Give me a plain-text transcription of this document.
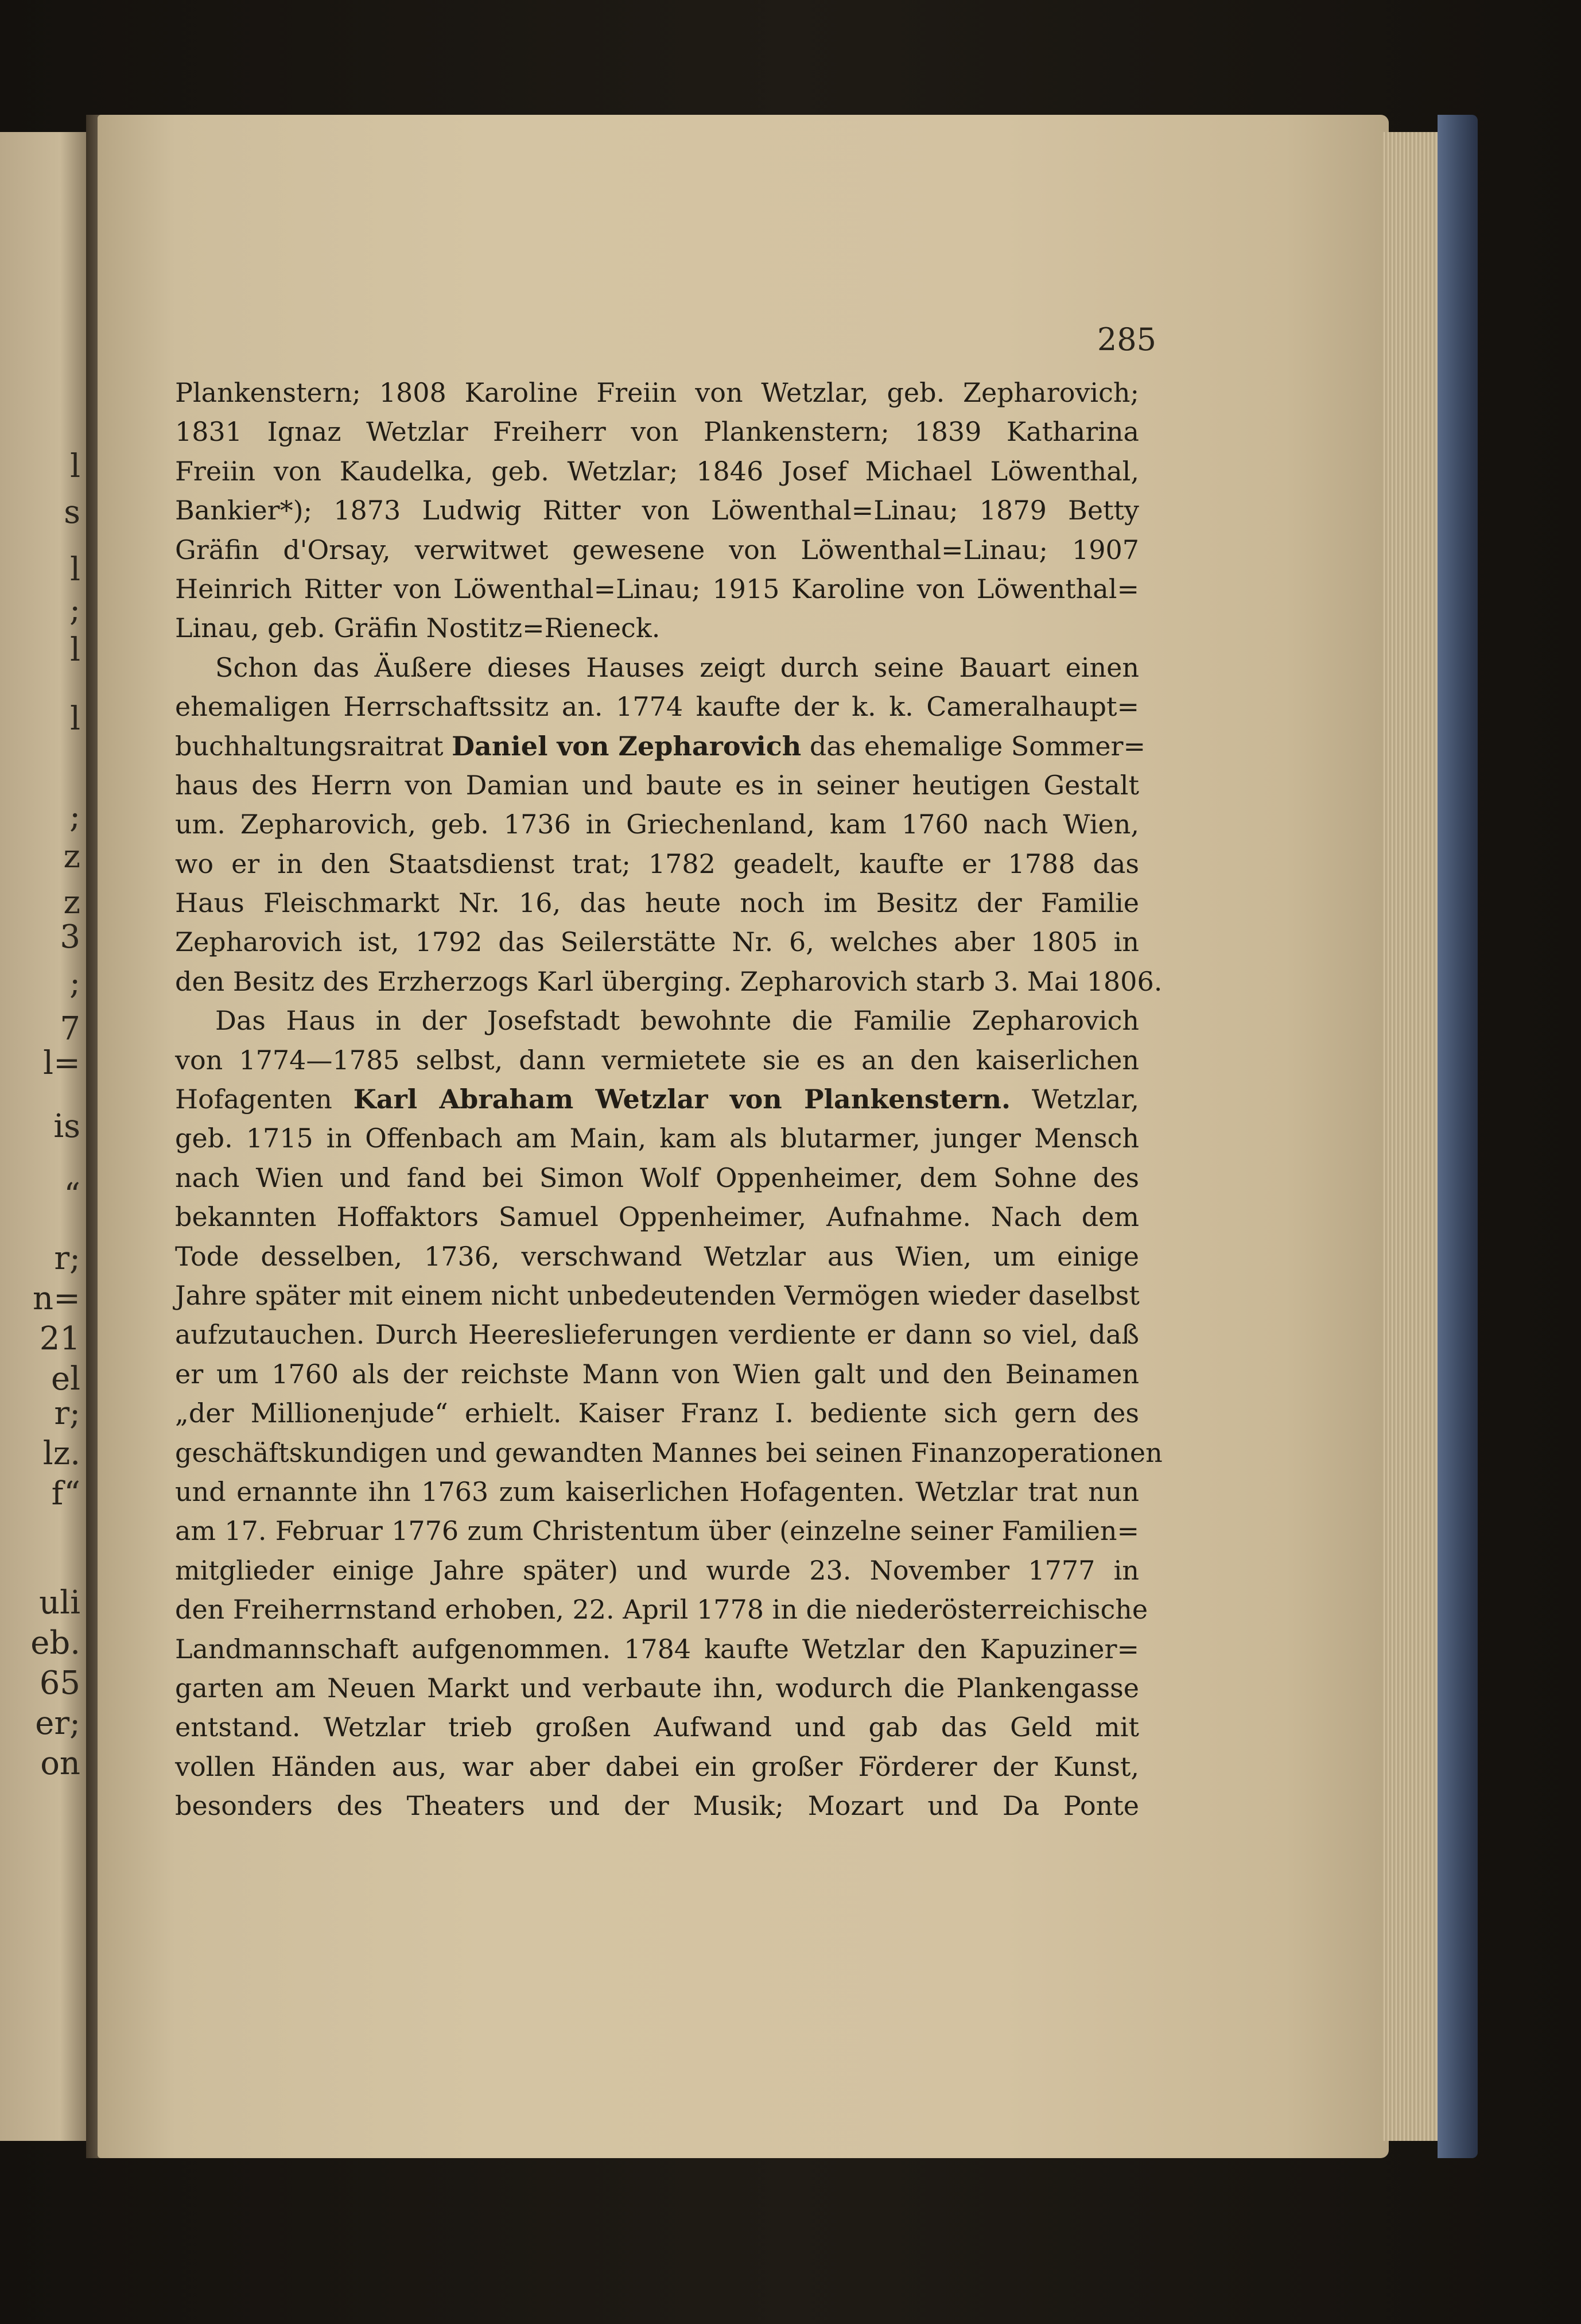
l
s
l
;
l
l
;
z
z
3
;
7
l=
is
“
r;
n=
21
el
r;
lz.
f“
uli
eb.
65
er;
on
285
Plankenstern; 1808 Karoline Freiin von Wetzlar, geb. Zepharovich;
1831 Ignaz Wetzlar Freiherr von Plankenstern; 1839 Katharina
Freiin von Kaudelka, geb. Wetzlar; 1846 Josef Michael Löwenthal,
Bankier*); 1873 Ludwig Ritter von Löwenthal=Linau; 1879 Betty
Gräfin d'Orsay, verwitwet gewesene von Löwenthal=Linau; 1907
Heinrich Ritter von Löwenthal=Linau; 1915 Karoline von Löwenthal=
Linau, geb. Gräfin Nostitz=Rieneck.
Schon das Äußere dieses Hauses zeigt durch seine Bauart einen
ehemaligen Herrschaftssitz an. 1774 kaufte der k. k. Cameralhaupt=
buchhaltungsraitrat Daniel von Zepharovich das ehemalige Sommer=
haus des Herrn von Damian und baute es in seiner heutigen Gestalt
um. Zepharovich, geb. 1736 in Griechenland, kam 1760 nach Wien,
wo er in den Staatsdienst trat; 1782 geadelt, kaufte er 1788 das
Haus Fleischmarkt Nr. 16, das heute noch im Besitz der Familie
Zepharovich ist, 1792 das Seilerstätte Nr. 6, welches aber 1805 in
den Besitz des Erzherzogs Karl überging. Zepharovich starb 3. Mai 1806.
Das Haus in der Josefstadt bewohnte die Familie Zepharovich
von 1774—1785 selbst, dann vermietete sie es an den kaiserlichen
Hofagenten Karl Abraham Wetzlar von Plankenstern. Wetzlar,
geb. 1715 in Offenbach am Main, kam als blutarmer, junger Mensch
nach Wien und fand bei Simon Wolf Oppenheimer, dem Sohne des
bekannten Hoffaktors Samuel Oppenheimer, Aufnahme. Nach dem
Tode desselben, 1736, verschwand Wetzlar aus Wien, um einige
Jahre später mit einem nicht unbedeutenden Vermögen wieder daselbst
aufzutauchen. Durch Heereslieferungen verdiente er dann so viel, daß
er um 1760 als der reichste Mann von Wien galt und den Beinamen
„der Millionenjude“ erhielt. Kaiser Franz I. bediente sich gern des
geschäftskundigen und gewandten Mannes bei seinen Finanzoperationen
und ernannte ihn 1763 zum kaiserlichen Hofagenten. Wetzlar trat nun
am 17. Februar 1776 zum Christentum über (einzelne seiner Familien=
mitglieder einige Jahre später) und wurde 23. November 1777 in
den Freiherrnstand erhoben, 22. April 1778 in die niederösterreichische
Landmannschaft aufgenommen. 1784 kaufte Wetzlar den Kapuziner=
garten am Neuen Markt und verbaute ihn, wodurch die Plankengasse
entstand. Wetzlar trieb großen Aufwand und gab das Geld mit
vollen Händen aus, war aber dabei ein großer Förderer der Kunst,
besonders des Theaters und der Musik; Mozart und Da Ponte
